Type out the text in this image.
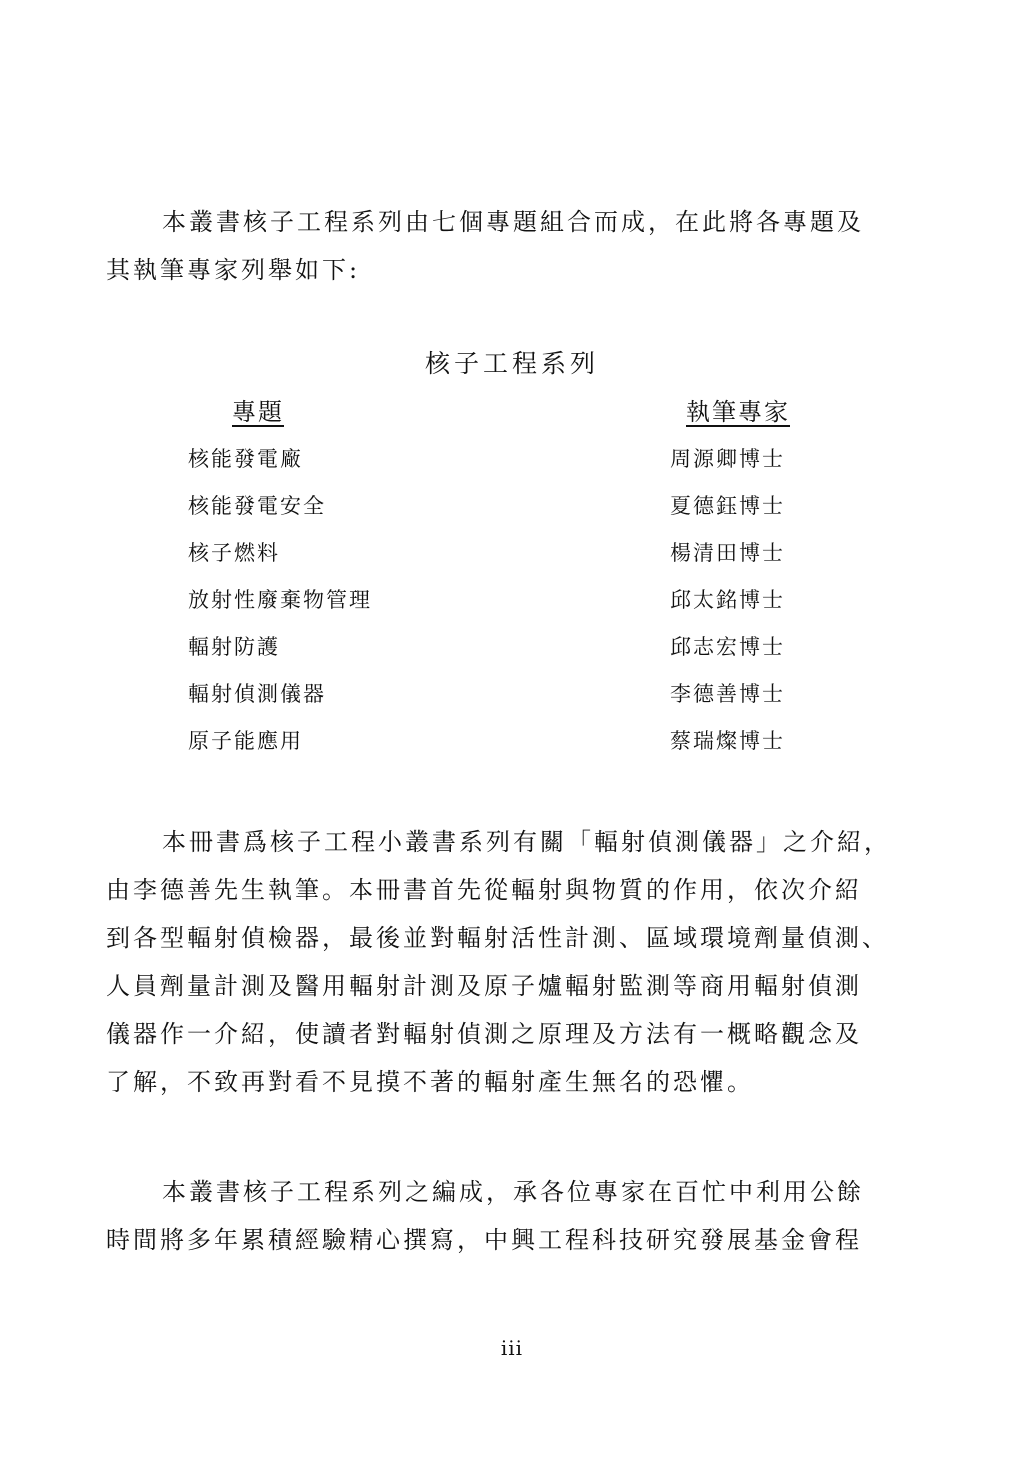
本叢書核子工程系列由七個專題組合而成，在此將各專題及
其執筆專家列舉如下:

核子工程系列
專題	執筆專家
核能發電廠	周源卿博士
核能發電安全	夏德鈺博士
核子燃料	楊清田博士
放射性廢棄物管理	邱太銘博士
輻射防護	邱志宏博士
輻射偵測儀器	李德善博士
原子能應用	蔡瑞燦博士

本冊書爲核子工程小叢書系列有關「輻射偵測儀器」之介紹，
由李德善先生執筆。本冊書首先從輻射與物質的作用，依次介紹
到各型輻射偵檢器，最後並對輻射活性計測、區域環境劑量偵測、
人員劑量計測及醫用輻射計測及原子爐輻射監測等商用輻射偵測
儀器作一介紹，使讀者對輻射偵測之原理及方法有一概略觀念及
了解，不致再對看不見摸不著的輻射產生無名的恐懼。

本叢書核子工程系列之編成，承各位專家在百忙中利用公餘
時間將多年累積經驗精心撰寫，中興工程科技研究發展基金會程

iii
